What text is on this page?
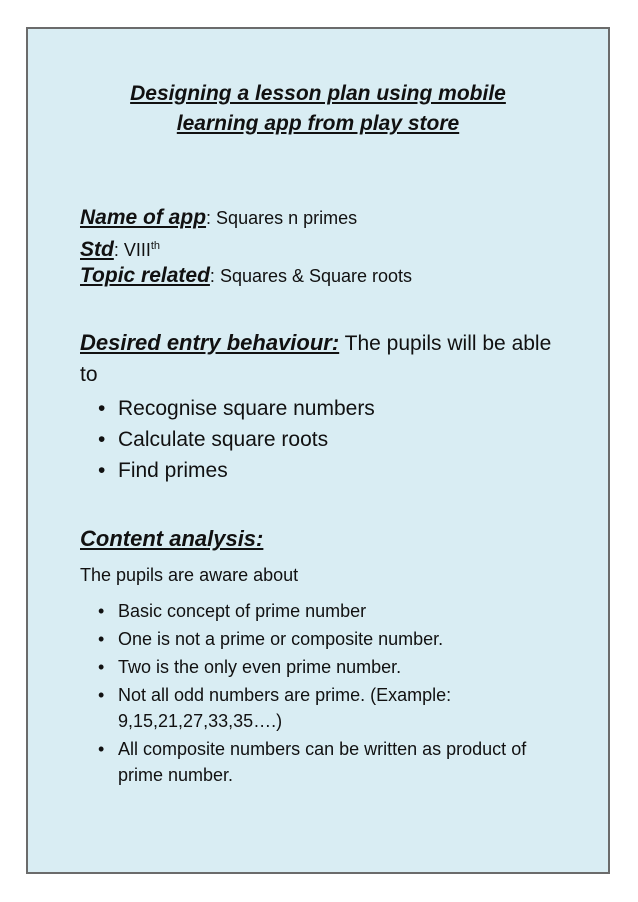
Designing a lesson plan using mobile
learning app from play store
Name of app: Squares n primes
Std: VIIIth
Topic related: Squares & Square roots
Desired entry behaviour: The pupils will be able to
• Recognise square numbers
• Calculate square roots
• Find primes
Content analysis:
The pupils are aware about
• Basic concept of prime number
• One is not a prime or composite number.
• Two is the only even prime number.
• Not all odd numbers are prime. (Example: 9,15,21,27,33,35….)
• All composite numbers can be written as product of prime number.
